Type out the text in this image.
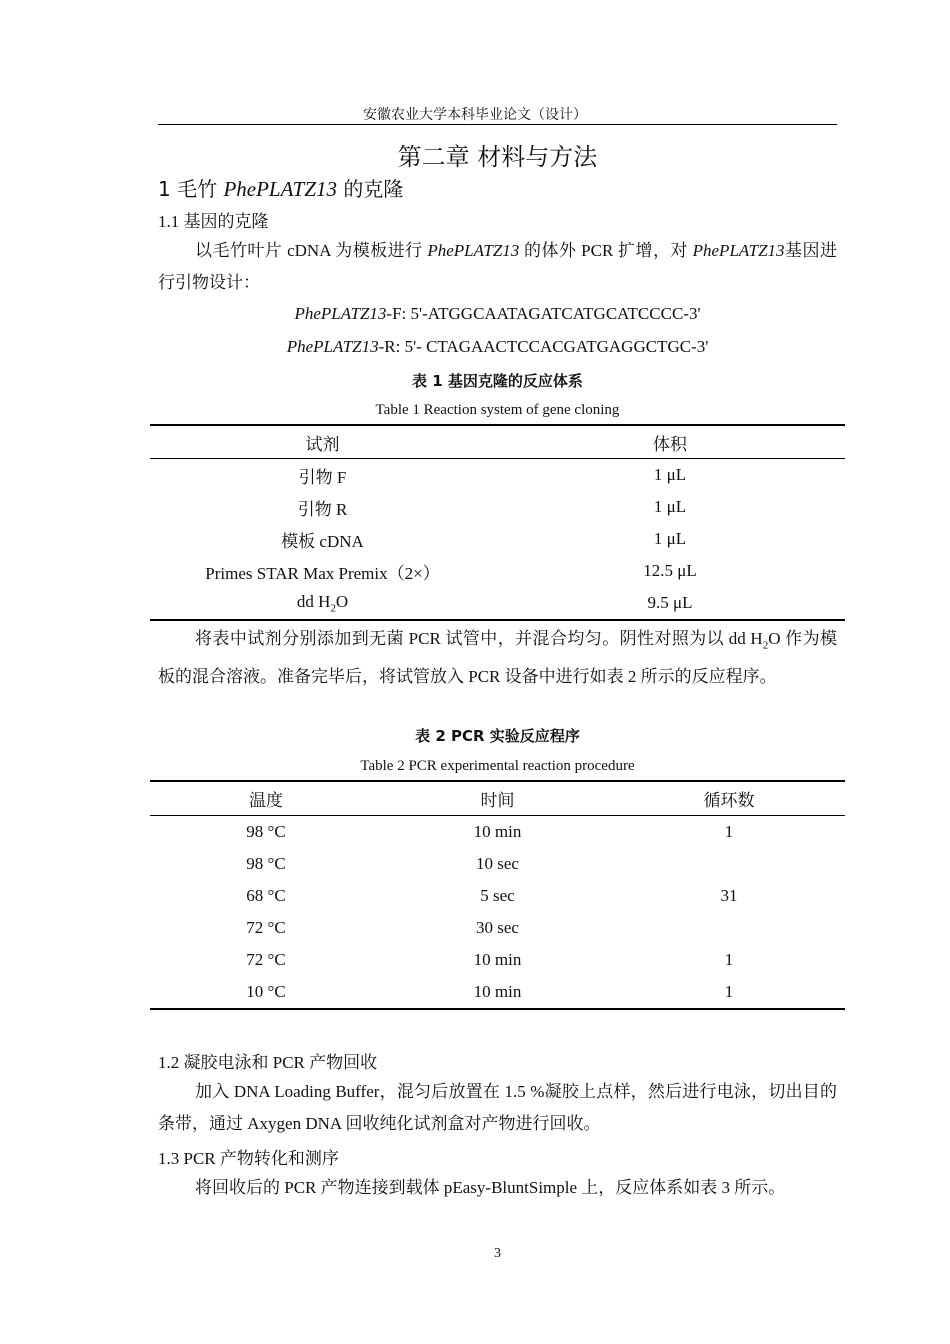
安徽农业大学本科毕业论文（设计）
第二章 材料与方法
1 毛竹 PhePLATZ13 的克隆
1.1 基因的克隆
以毛竹叶片 cDNA 为模板进行 PhePLATZ13 的体外 PCR 扩增，对 PhePLATZ13基因进行引物设计：
PhePLATZ13-F: 5'-ATGGCAATAGATCATGCATCCCC-3'
PhePLATZ13-R: 5'- CTAGAACTCCACGATGAGGCTGC-3'
表 1 基因克隆的反应体系
Table 1 Reaction system of gene cloning
试剂	体积
引物 F	1 μL
引物 R	1 μL
模板 cDNA	1 μL
Primes STAR Max Premix（2×）	12.5 μL
dd $H_2O$	9.5 μL
将表中试剂分别添加到无菌 PCR 试管中，并混合均匀。阴性对照为以 dd $H_2O$ 作为模板的混合溶液。准备完毕后，将试管放入 PCR 设备中进行如表 2 所示的反应程序。
表 2 PCR 实验反应程序
Table 2 PCR experimental reaction procedure
温度	时间	循环数
98 °C	10 min	1
98 °C	10 sec	
68 °C	5 sec	31
72 °C	30 sec	
72 °C	10 min	1
10 °C	10 min	1
1.2 凝胶电泳和 PCR 产物回收
加入 DNA Loading Buffer，混匀后放置在 1.5 %凝胶上点样，然后进行电泳，切出目的条带，通过 Axygen DNA 回收纯化试剂盒对产物进行回收。
1.3 PCR 产物转化和测序
将回收后的 PCR 产物连接到载体 pEasy-BluntSimple 上，反应体系如表 3 所示。
3
